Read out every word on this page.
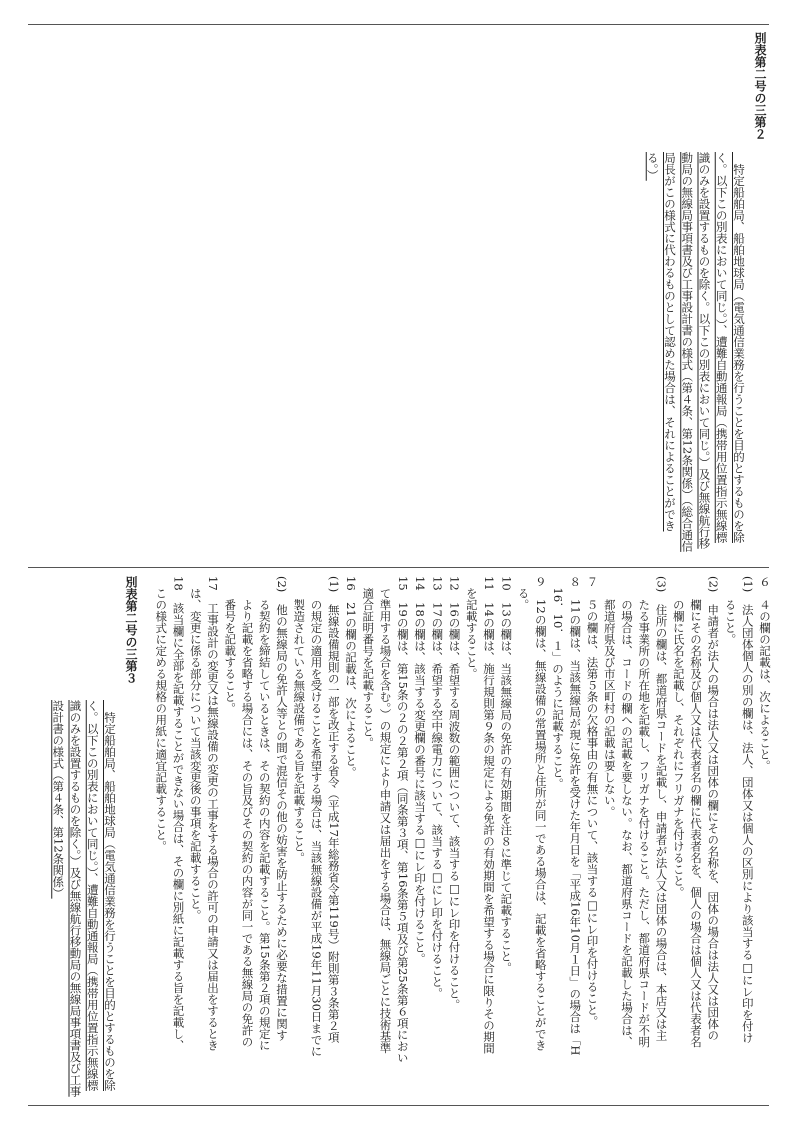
別表第二号の三第２

　特定船舶局、船舶地球局（電気通信業務を行うことを目的とするものを除

く。以下この別表において同じ。）、遭難自動通報局（携帯用位置指示無線標

識のみを設置するものを除く。以下この別表において同じ。）及び無線航行移

動局の無線局事項書及び工事設計書の様式（第４条、第12条関係）（総合通信

局長がこの様式に代わるものとして認めた場合は、それによることができ

る。）

６　４の欄の記載は、次によること。

(1)　法人団体個人の別の欄は、法人、団体又は個人の区別により該当する□にレ印を付け

　　ること。

(2)　申請者が法人の場合は法人又は団体の欄にその名称を、団体の場合は法人又は団体の

　　欄にその名称及び個人又は代表者名の欄に代表者名を、個人の場合は個人又は代表者名

　　の欄に氏名を記載し、それぞれにフリガナを付けること。

(3)　住所の欄は、都道府県コードを記載し、申請者が法人又は団体の場合は、本店又は主

　　たる事業所の所在地を記載し、フリガナを付けること。ただし、都道府県コードが不明

　　の場合は、コードの欄への記載を要しない。なお、都道府県コードを記載した場合は、

　　都道府県及び市区町村の記載は要しない。

７　５の欄は、法第５条の欠格事由の有無について、該当する□にレ印を付けること。

８　11の欄は、当該無線局が現に免許を受けた年月日を「平成16年10月１日」の場合は「H

　16．10．１」のように記載すること。

９　12の欄は、無線設備の常置場所と住所が同一である場合は、記載を省略することができ

　る。

10　13の欄は、当該無線局の免許の有効期間を注８に準じて記載すること。

11　14の欄は、施行規則第９条の規定による免許の有効期間を希望する場合に限りその期間

　を記載すること。

12　16の欄は、希望する周波数の範囲について、該当する□にレ印を付けること。

13　17の欄は、希望する空中線電力について、該当する□にレ印を付けること。

14　18の欄は、該当する変更欄の番号に該当する□にレ印を付けること。

15　19の欄は、第15条の２の２第２項（同条第３項、第16条第５項及び第25条第６項におい

　て準用する場合を含む。）の規定により申請又は届出をする場合は、無線局ごとに技術基準

　適合証明番号を記載すること。

16　21の欄の記載は、次によること。

(1)　無線設備規則の一部を改正する省令（平成17年総務省令第119号）附則第３条第２項

　　の規定の適用を受けることを希望する場合は、当該無線設備が平成19年11月30日までに

　　製造されている無線設備である旨を記載すること。

(2)　他の無線局の免許人等との間で混信その他の妨害を防止するために必要な措置に関す

　　る契約を締結しているときは、その契約の内容を記載すること。第15条第２項の規定に

　　より記載を省略する場合には、その旨及びその契約の内容が同一である無線局の免許の

　　番号を記載すること。

17　工事設計の変更又は無線設備の変更の工事をする場合の許可の申請又は届出をするとき

　は、変更に係る部分について当該変更後の事項を記載すること。

18　該当欄に全部を記載することができない場合は、その欄に別紙に記載する旨を記載し、

　この様式に定める規格の用紙に適宜記載すること。

別表第二号の三第３

　特定船舶局、船舶地球局（電気通信業務を行うことを目的とするものを除

く。以下この別表において同じ。）、遭難自動通報局（携帯用位置指示無線標

識のみを設置するものを除く。）及び無線航行移動局の無線局事項書及び工事

設計書の様式（第４条、第12条関係）
